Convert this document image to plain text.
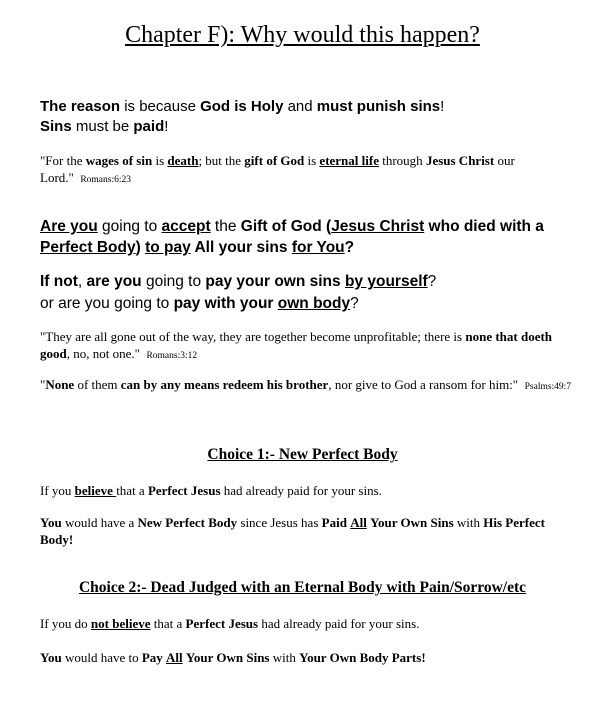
Chapter F): Why would this happen?
The reason is because God is Holy and must punish sins!
Sins must be paid!
"For the wages of sin is death; but the gift of God is eternal life through Jesus Christ our Lord." Romans:6:23
Are you going to accept the Gift of God (Jesus Christ who died with a Perfect Body) to pay All your sins for You?
If not, are you going to pay your own sins by yourself?
or are you going to pay with your own body?
"They are all gone out of the way, they are together become unprofitable; there is none that doeth good, no, not one." Romans:3:12
"None of them can by any means redeem his brother, nor give to God a ransom for him:" Psalms:49:7
Choice 1:- New Perfect Body
If you believe that a Perfect Jesus had already paid for your sins.
You would have a New Perfect Body since Jesus has Paid All Your Own Sins with His Perfect Body!
Choice 2:- Dead Judged with an Eternal Body with Pain/Sorrow/etc
If you do not believe that a Perfect Jesus had already paid for your sins.
You would have to Pay All Your Own Sins with Your Own Body Parts!
